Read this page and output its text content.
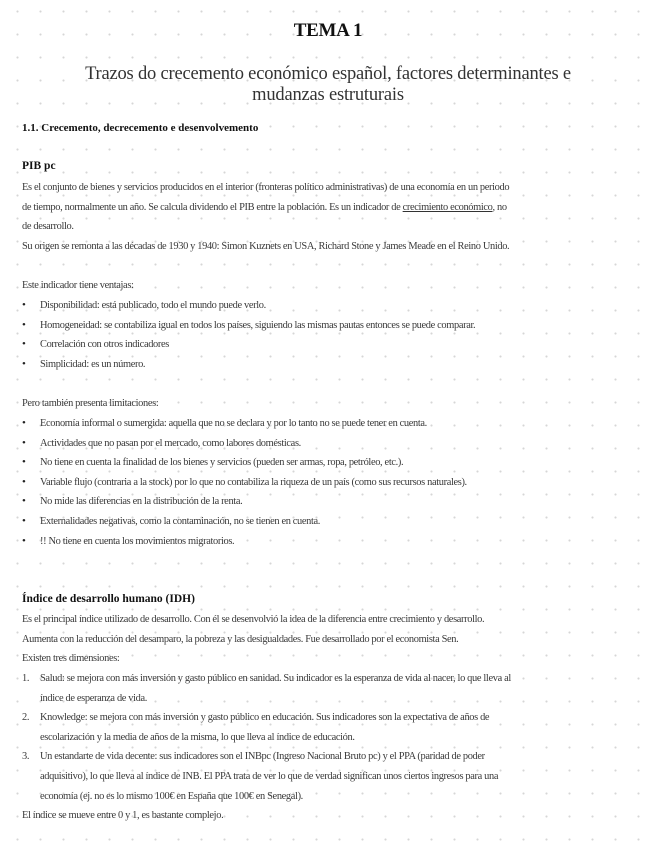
TEMA 1
Trazos do crecemento económico español, factores determinantes e
mudanzas estruturais
1.1. Crecemento, decrecemento e desenvolvemento
PIB pc
Es el conjunto de bienes y servicios producidos en el interior (fronteras político administrativas) de una economía en un periodo
de tiempo, normalmente un año. Se calcula dividendo el PIB entre la población. Es un indicador de crecimiento económico, no
de desarrollo.
Su origen se remonta a las décadas de 1930 y 1940: Simon Kuznets en USA, Richard Stone y James Meade en el Reino Unido.
Este indicador tiene ventajas:
• Disponibilidad: está publicado, todo el mundo puede verlo.
• Homogeneidad: se contabiliza igual en todos los países, siguiendo las mismas pautas entonces se puede comparar.
• Correlación con otros indicadores
• Simplicidad: es un número.
Pero también presenta limitaciones:
• Economía informal o sumergida: aquella que no se declara y por lo tanto no se puede tener en cuenta.
• Actividades que no pasan por el mercado, como labores domésticas.
• No tiene en cuenta la finalidad de los bienes y servicios (pueden ser armas, ropa, petróleo, etc.).
• Variable flujo (contraria a la stock) por lo que no contabiliza la riqueza de un país (como sus recursos naturales).
• No mide las diferencias en la distribución de la renta.
• Externalidades negativas, como la contaminación, no se tienen en cuenta.
• !! No tiene en cuenta los movimientos migratorios.
Índice de desarrollo humano (IDH)
Es el principal índice utilizado de desarrollo. Con él se desenvolvió la idea de la diferencia entre crecimiento y desarrollo.
Aumenta con la reducción del desamparo, la pobreza y las desigualdades. Fue desarrollado por el economista Sen.
Existen tres dimensiones:
1. Salud: se mejora con más inversión y gasto público en sanidad. Su indicador es la esperanza de vida al nacer, lo que lleva al
índice de esperanza de vida.
2. Knowledge: se mejora con más inversión y gasto público en educación. Sus indicadores son la expectativa de años de
escolarización y la media de años de la misma, lo que lleva al índice de educación.
3. Un estandarte de vida decente: sus indicadores son el INBpc (Ingreso Nacional Bruto pc) y el PPA (paridad de poder
adquisitivo), lo que lleva al índice de INB. El PPA trata de ver lo que de verdad significan unos ciertos ingresos para una
economía (ej. no es lo mismo 100€ en España que 100€ en Senegal).
El índice se mueve entre 0 y 1, es bastante complejo.
